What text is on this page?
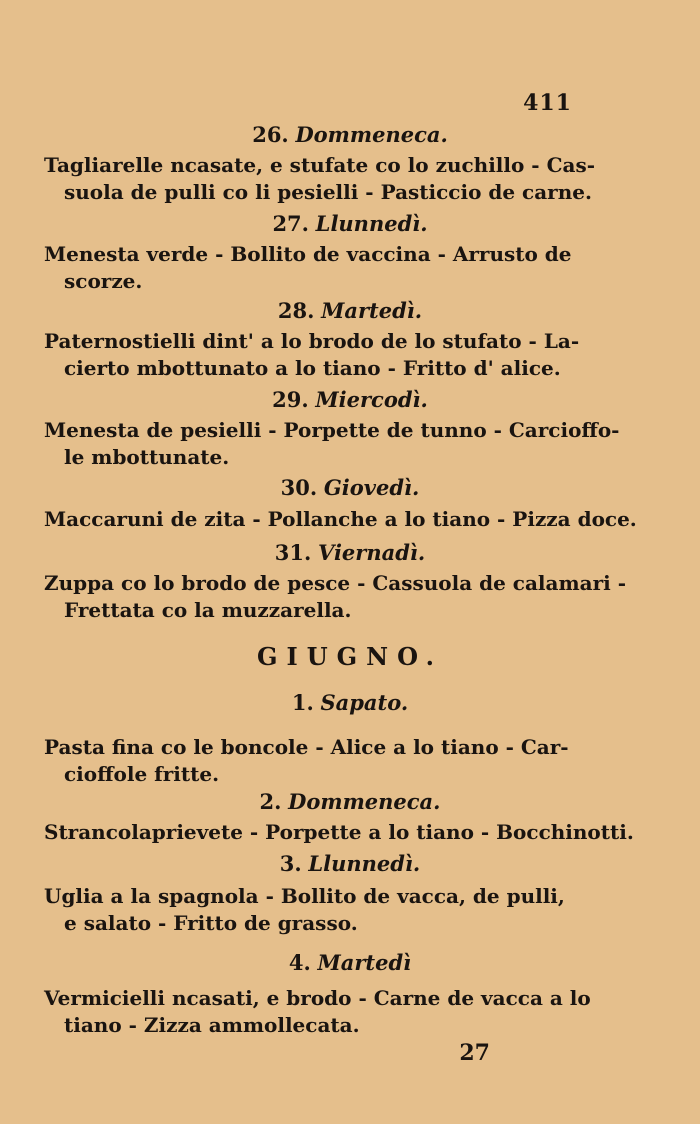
411
26. Dommeneca.
Tagliarelle ncasate, e stufate co lo zuchillo - Cas-
suola de pulli co li pesielli - Pasticcio de carne.
27. Llunnedì.
Menesta verde - Bollito de vaccina - Arrusto de
scorze.
28. Martedì.
Paternostielli dint' a lo brodo de lo stufato - La-
cierto mbottunato a lo tiano - Fritto d' alice.
29. Miercodì.
Menesta de pesielli - Porpette de tunno - Carcioffo-
le mbottunate.
30. Giovedì.
Maccaruni de zita - Pollanche a lo tiano - Pizza doce.
31. Viernadì.
Zuppa co lo brodo de pesce - Cassuola de calamari -
Frettata co la muzzarella.
GIUGNO.
1. Sapato.
Pasta fina co le boncole - Alice a lo tiano - Car-
cioffole fritte.
2. Dommeneca.
Strancolaprievete - Porpette a lo tiano - Bocchinotti.
3. Llunnedì.
Uglia a la spagnola - Bollito de vacca, de pulli,
e salato - Fritto de grasso.
4. Martedì
Vermicielli ncasati, e brodo - Carne de vacca a lo
tiano - Zizza ammollecata.
27
